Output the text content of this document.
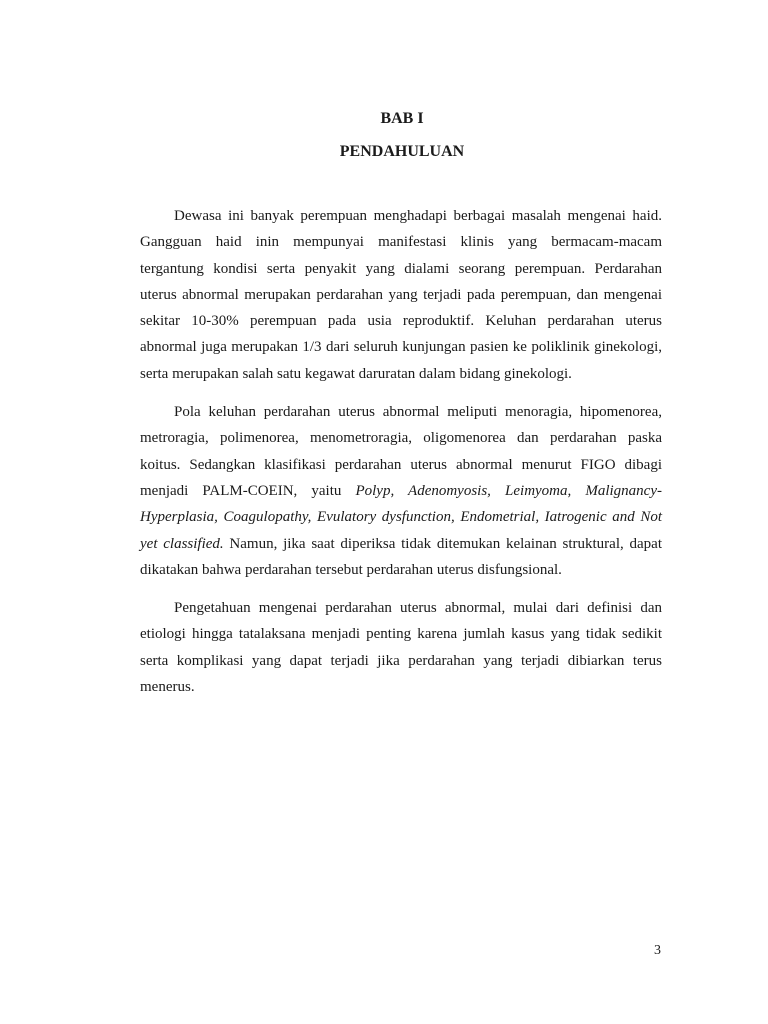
BAB I
PENDAHULUAN
Dewasa ini banyak perempuan menghadapi berbagai masalah mengenai haid.
Gangguan haid inin mempunyai manifestasi klinis yang bermacam-macam
tergantung kondisi serta penyakit yang dialami seorang perempuan. Perdarahan
uterus abnormal merupakan perdarahan yang terjadi pada perempuan, dan mengenai
sekitar 10-30% perempuan pada usia reproduktif. Keluhan perdarahan uterus
abnormal juga merupakan 1/3 dari seluruh kunjungan pasien ke poliklinik ginekologi,
serta merupakan salah satu kegawat daruratan dalam bidang ginekologi.
Pola keluhan perdarahan uterus abnormal meliputi menoragia, hipomenorea,
metroragia, polimenorea, menometroragia, oligomenorea dan perdarahan paska
koitus. Sedangkan klasifikasi perdarahan uterus abnormal menurut FIGO dibagi
menjadi PALM-COEIN, yaitu Polyp, Adenomyosis, Leimyoma, Malignancy-
Hyperplasia, Coagulopathy, Evulatory dysfunction, Endometrial, Iatrogenic and Not
yet classified. Namun, jika saat diperiksa tidak ditemukan kelainan struktural, dapat
dikatakan bahwa perdarahan tersebut perdarahan uterus disfungsional.
Pengetahuan mengenai perdarahan uterus abnormal, mulai dari definisi dan
etiologi hingga tatalaksana menjadi penting karena jumlah kasus yang tidak sedikit
serta komplikasi yang dapat terjadi jika perdarahan yang terjadi dibiarkan terus
menerus.
3
